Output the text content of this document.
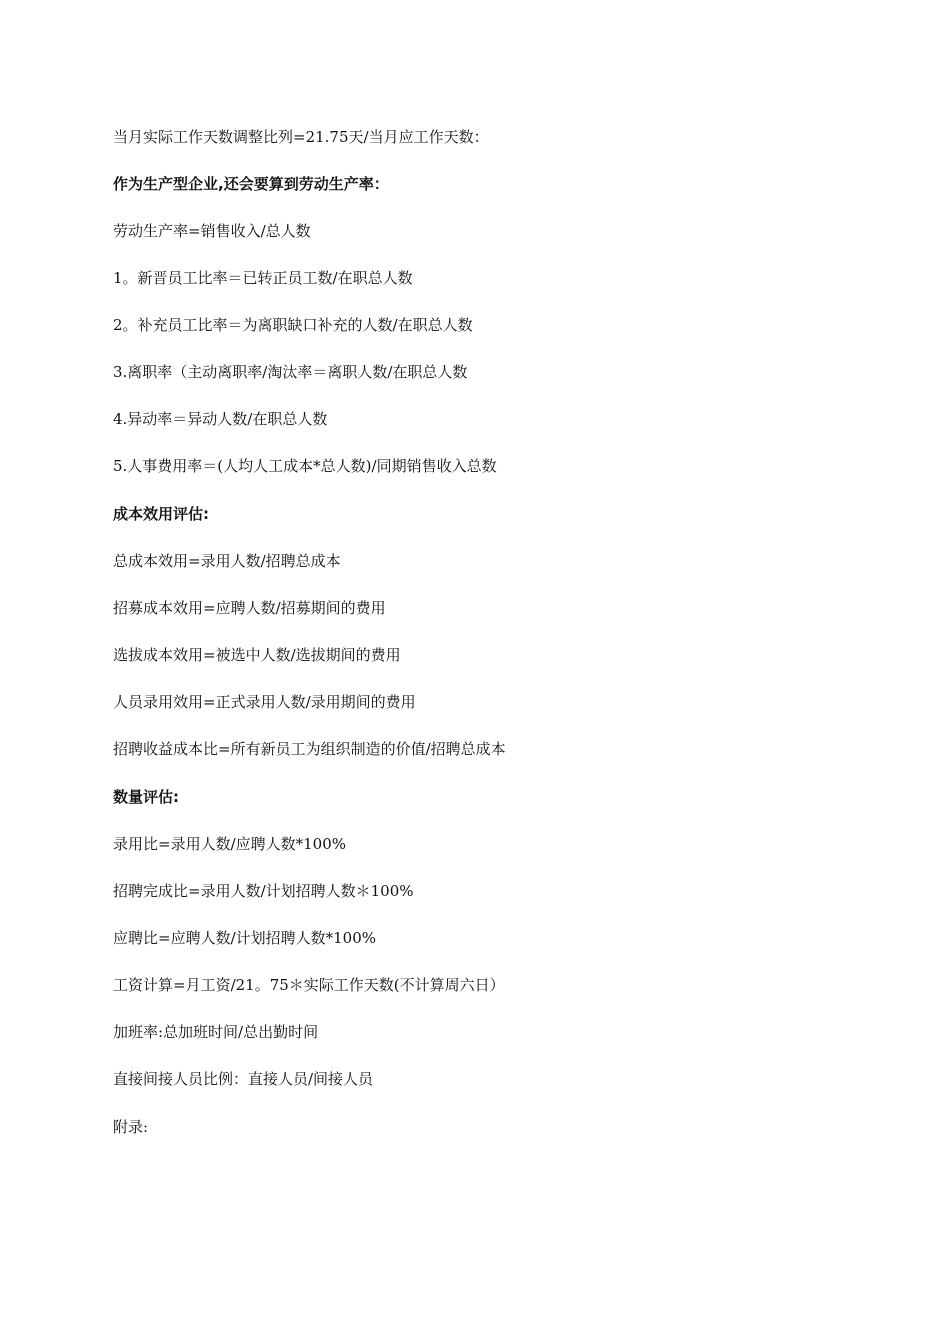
当月实际工作天数调整比列=21.75天/当月应工作天数：
作为生产型企业,还会要算到劳动生产率：
劳动生产率=销售收入/总人数
1。新晋员工比率＝已转正员工数/在职总人数
2。补充员工比率＝为离职缺口补充的人数/在职总人数
3.离职率（主动离职率/淘汰率＝离职人数/在职总人数
4.异动率＝异动人数/在职总人数
5.人事费用率＝(人均人工成本*总人数)/同期销售收入总数
成本效用评估:
总成本效用=录用人数/招聘总成本
招募成本效用=应聘人数/招募期间的费用
选拔成本效用=被选中人数/选拔期间的费用
人员录用效用=正式录用人数/录用期间的费用
招聘收益成本比=所有新员工为组织制造的价值/招聘总成本
数量评估:
录用比=录用人数/应聘人数*100%
招聘完成比=录用人数/计划招聘人数＊100%
应聘比=应聘人数/计划招聘人数*100%
工资计算=月工资/21。75＊实际工作天数(不计算周六日）
加班率:总加班时间/总出勤时间
直接间接人员比例：直接人员/间接人员
附录:
